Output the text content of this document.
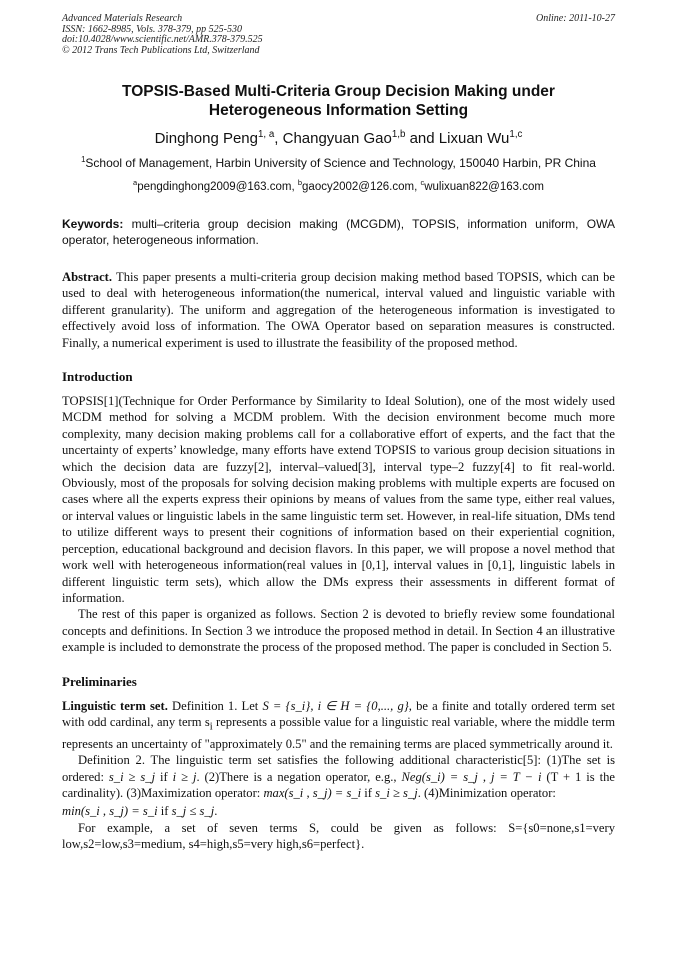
Advanced Materials Research
ISSN: 1662-8985, Vols. 378-379, pp 525-530
doi:10.4028/www.scientific.net/AMR.378-379.525
© 2012 Trans Tech Publications Ltd, Switzerland
Online: 2011-10-27
TOPSIS-Based Multi-Criteria Group Decision Making under
Heterogeneous Information Setting
Dinghong Peng$^{1, a}$, Changyuan Gao$^{1,b}$ and Lixuan Wu$^{1,c}$
$^1$School of Management, Harbin University of Science and Technology, 150040 Harbin, PR China
$^a$pengdinghong2009@163.com, $^b$gaocy2002@126.com, $^c$wulixuan822@163.com
Keywords: multi–criteria group decision making (MCGDM), TOPSIS, information uniform, OWA operator, heterogeneous information.
Abstract. This paper presents a multi-criteria group decision making method based TOPSIS, which can be used to deal with heterogeneous information(the numerical, interval valued and linguistic variable with different granularity). The uniform and aggregation of the heterogeneous information is investigated to effectively avoid loss of information. The OWA Operator based on separation measures is constructed. Finally, a numerical experiment is used to illustrate the feasibility of the proposed method.
Introduction

TOPSIS[1](Technique for Order Performance by Similarity to Ideal Solution), one of the most widely used MCDM method for solving a MCDM problem. With the decision environment become much more complexity, many decision making problems call for a collaborative effort of experts, and the fact that the uncertainty of experts’ knowledge, many efforts have extend TOPSIS to various group decision situations in which the decision data are fuzzy[2], interval–valued[3], interval type–2 fuzzy[4] to fit real-world. Obviously, most of the proposals for solving decision making problems with multiple experts are focused on cases where all the experts express their opinions by means of values from the same type, either real values, or interval values or linguistic labels in the same linguistic term set. However, in real-life situation, DMs tend to utilize different ways to present their cognitions of information based on their experiential cognition, perception, educational background and decision flavors. In this paper, we will propose a novel method that work well with heterogeneous information(real values in [0,1], interval values in [0,1], linguistic labels in different linguistic term sets), which allow the DMs express their assessments in different format of information.

The rest of this paper is organized as follows. Section 2 is devoted to briefly review some foundational concepts and definitions. In Section 3 we introduce the proposed method in detail. In Section 4 an illustrative example is included to demonstrate the process of the proposed method. The paper is concluded in Section 5.

Preliminaries

Linguistic term set. Definition 1. Let S = {s_i}, i ∈ H = {0,..., g}, be a finite and totally ordered term set with odd cardinal, any term $s_i$ represents a possible value for a linguistic real variable, where the middle term represents an uncertainty of "approximately 0.5" and the remaining terms are placed symmetrically around it.

Definition 2. The linguistic term set satisfies the following additional characteristic[5]: (1)The set is ordered: s_i ≥ s_j if i ≥ j. (2)There is a negation operator, e.g., Neg(s_i) = s_j , j = T − i (T + 1 is the cardinality). (3)Maximization operator: max(s_i , s_j) = s_i if s_i ≥ s_j. (4)Minimization operator:

min(s_i , s_j) = s_i if s_j ≤ s_j.

For example, a set of seven terms S, could be given as follows: S={s0=none,s1=very low,s2=low,s3=medium, s4=high,s5=very high,s6=perfect}.
